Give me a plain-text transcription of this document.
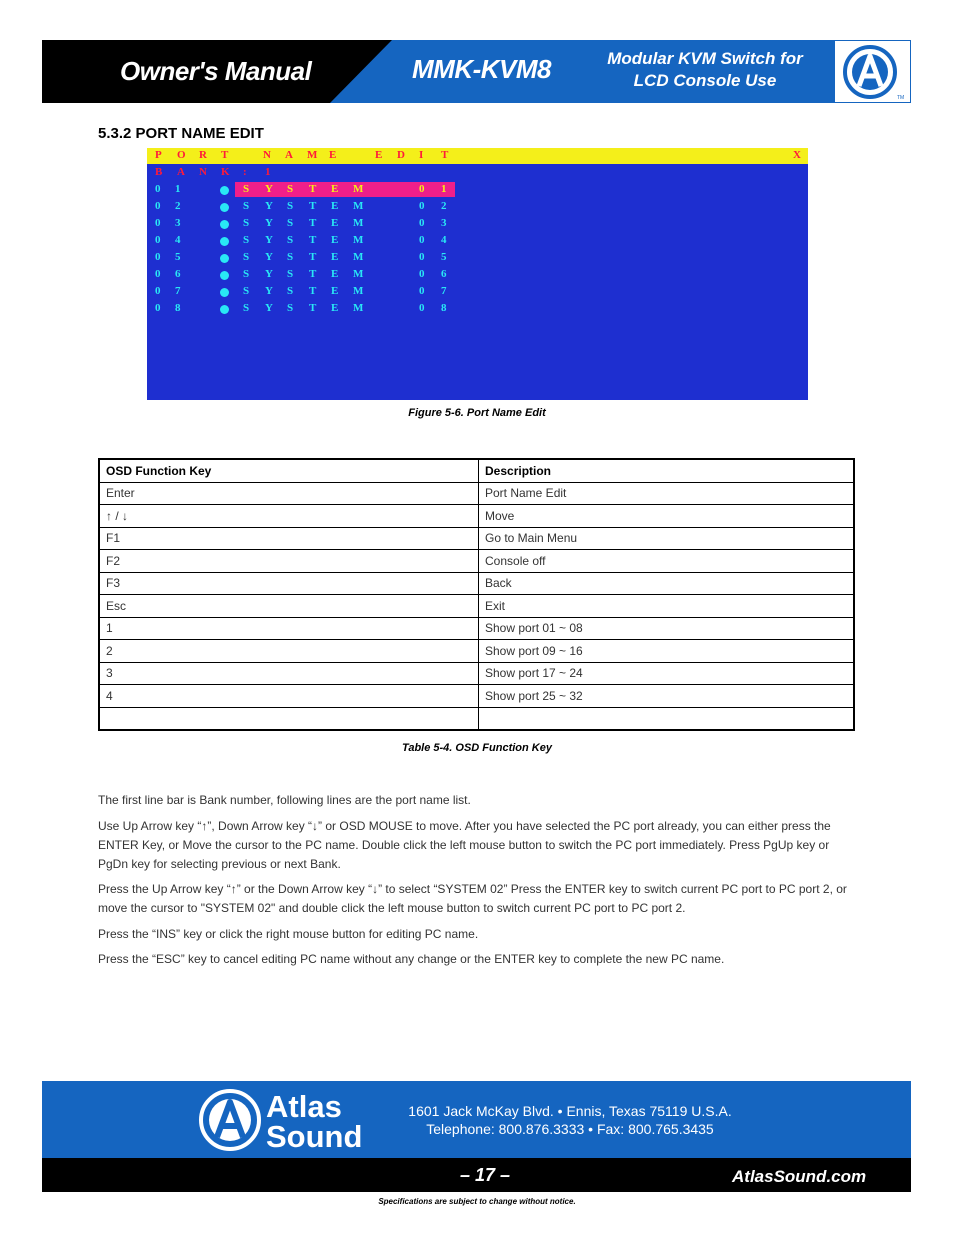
Owner's Manual	MMK-KVM8	Modular KVM Switch for
LCD Console Use
TM
5.3.2 PORT NAME EDIT
P O R T	N A M E	E D I T	X
B A N K : 1
0 1	S Y S T E M	0 1
0 2	S Y S T E M	0 2
0 3	S Y S T E M	0 3
0 4	S Y S T E M	0 4
0 5	S Y S T E M	0 5
0 6	S Y S T E M	0 6
0 7	S Y S T E M	0 7
0 8	S Y S T E M	0 8
Figure 5-6. Port Name Edit
OSD Function Key	Description
Enter	Port Name Edit
↑ / ↓	Move
F1	Go to Main Menu
F2	Console off
F3	Back
Esc	Exit
1	Show port 01 ~ 08
2	Show port 09 ~ 16
3	Show port 17 ~ 24
4	Show port 25 ~ 32

Table 5-4. OSD Function Key
The first line bar is Bank number, following lines are the port name list.
Use Up Arrow key “↑”, Down Arrow key “↓” or OSD MOUSE to move. After you have selected the PC port already, you can either press the ENTER Key, or Move the cursor to the PC name. Double click the left mouse button to switch the PC port immediately. Press PgUp key or PgDn key for selecting previous or next Bank.
Press the Up Arrow key “↑” or the Down Arrow key “↓” to select “SYSTEM 02” Press the ENTER key to switch current PC port to PC port 2, or move the cursor to "SYSTEM 02" and double click the left mouse button to switch current PC port to PC port 2.
Press the “INS” key or click the right mouse button for editing PC name.
Press the “ESC” key to cancel editing PC name without any change or the ENTER key to complete the new PC name.
Atlas
Sound
1601 Jack McKay Blvd. • Ennis, Texas 75119 U.S.A.
Telephone: 800.876.3333 • Fax: 800.765.3435
– 17 –	AtlasSound.com
Specifications are subject to change without notice.
